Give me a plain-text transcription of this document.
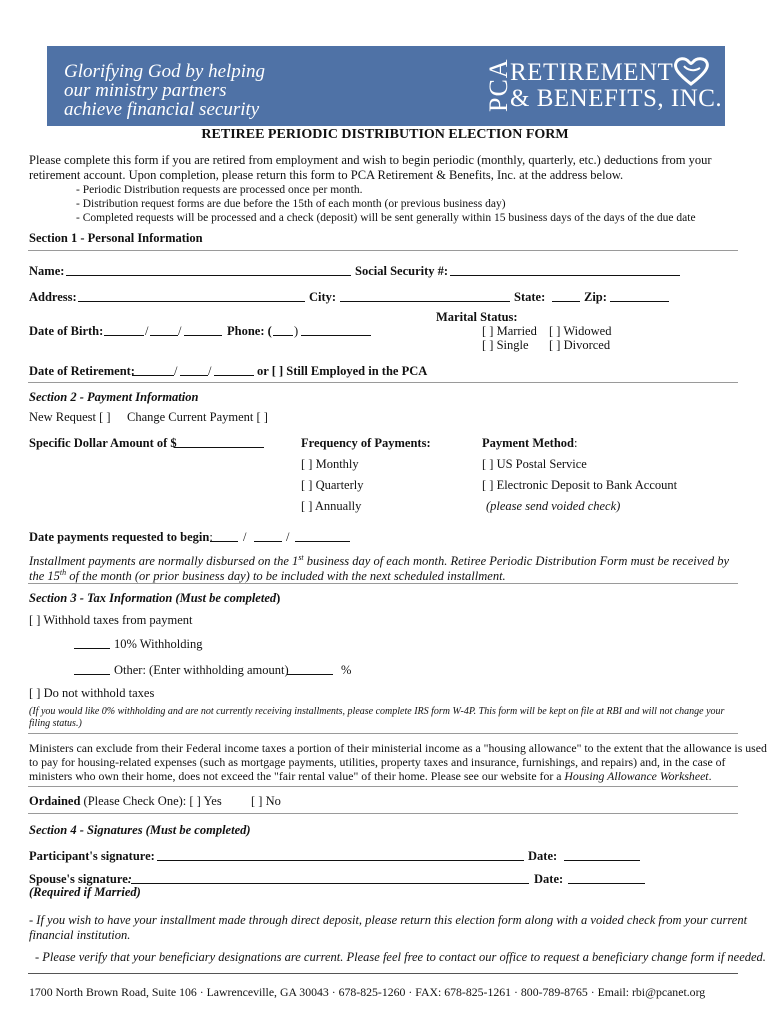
Glorifying God by helping
our ministry partners
achieve financial security	PCA
RETIREMENT
& BENEFITS, INC.
RETIREE PERIODIC DISTRIBUTION ELECTION FORM
Please complete this form if you are retired from employment and wish to begin periodic (monthly, quarterly, etc.) deductions from your
retirement account. Upon completion, please return this form to PCA Retirement & Benefits, Inc. at the address below.
- Periodic Distribution requests are processed once per month.
- Distribution request forms are due before the 15th of each month (or previous business day)
- Completed requests will be processed and a check (deposit) will be sent generally within 15 business days of the days of the due date
Section 1 - Personal Information
Name:	Social Security #:
Address:	City:	State:	Zip:
Marital Status:
Date of Birth:	/ /	Phone: ( )	[ ] Married [ ] Widowed
[ ] Single [ ] Divorced
Date of Retirement:	/ /	or [ ] Still Employed in the PCA
Section 2 - Payment Information
New Request [ ] Change Current Payment [ ]
Specific Dollar Amount of $	Frequency of Payments:	Payment Method:
[ ] Monthly	[ ] US Postal Service
[ ] Quarterly	[ ] Electronic Deposit to Bank Account
[ ] Annually	(please send voided check)
Date payments requested to begin: /	/
Installment payments are normally disbursed on the 1st business day of each month. Retiree Periodic Distribution Form must be received by
the 15th of the month (or prior business day) to be included with the next scheduled installment.
Section 3 - Tax Information (Must be completed)
[ ] Withhold taxes from payment
10% Withholding
Other: (Enter withholding amount)	%
[ ] Do not withhold taxes
(If you would like 0% withholding and are not currently receiving installments, please complete IRS form W-4P. This form will be kept on file at RBI and will not change your
filing status.)
Ministers can exclude from their Federal income taxes a portion of their ministerial income as a "housing allowance" to the extent that the allowance is used
to pay for housing-related expenses (such as mortgage payments, utilities, property taxes and insurance, furnishings, and repairs) and, in the case of
ministers who own their home, does not exceed the "fair rental value" of their home. Please see our website for a Housing Allowance Worksheet.
Ordained (Please Check One): [ ] Yes [ ] No
Section 4 - Signatures (Must be completed)
Participant's signature:	Date:
Spouse's signature:	Date:
(Required if Married)
- If you wish to have your installment made through direct deposit, please return this election form along with a voided check from your current
financial institution.
- Please verify that your beneficiary designations are current. Please feel free to contact our office to request a beneficiary change form if needed.
1700 North Brown Road, Suite 106 · Lawrenceville, GA 30043 · 678-825-1260 · FAX: 678-825-1261 · 800-789-8765 · Email: rbi@pcanet.org
